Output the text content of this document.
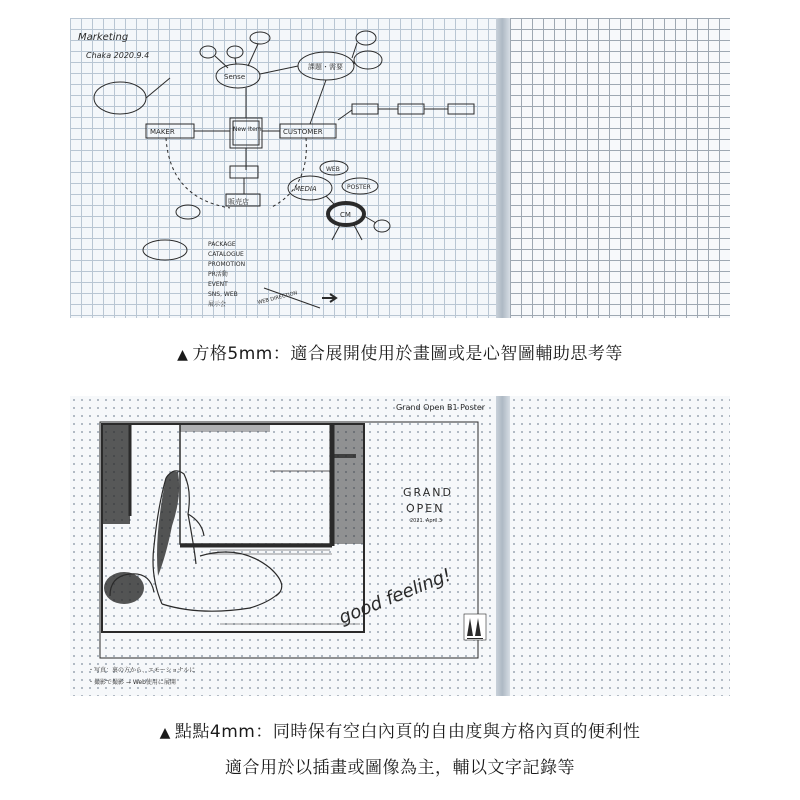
Marketing
Chaka 2020.9.4
New Item
MAKER	CUSTOMER
Sense
課題・需要
販売店
MEDIA
WEB
POSTER
CM
PACKAGE
CATALOGUE
PROMOTION
PR活動
EVENT
SNS, WEB
展示会	WEB DIRECTION
▲ 方格5mm：適合展開使用於畫圖或是心智圖輔助思考等
Grand Open B1 Poster
GRAND
OPEN
2021. April.3
good feeling!
・写真：裏の方から、エモーショナルに
・撮影で撮影 → Web使用に展開
▲ 點點4mm：同時保有空白內頁的自由度與方格內頁的便利性
適合用於以插畫或圖像為主，輔以文字記錄等
